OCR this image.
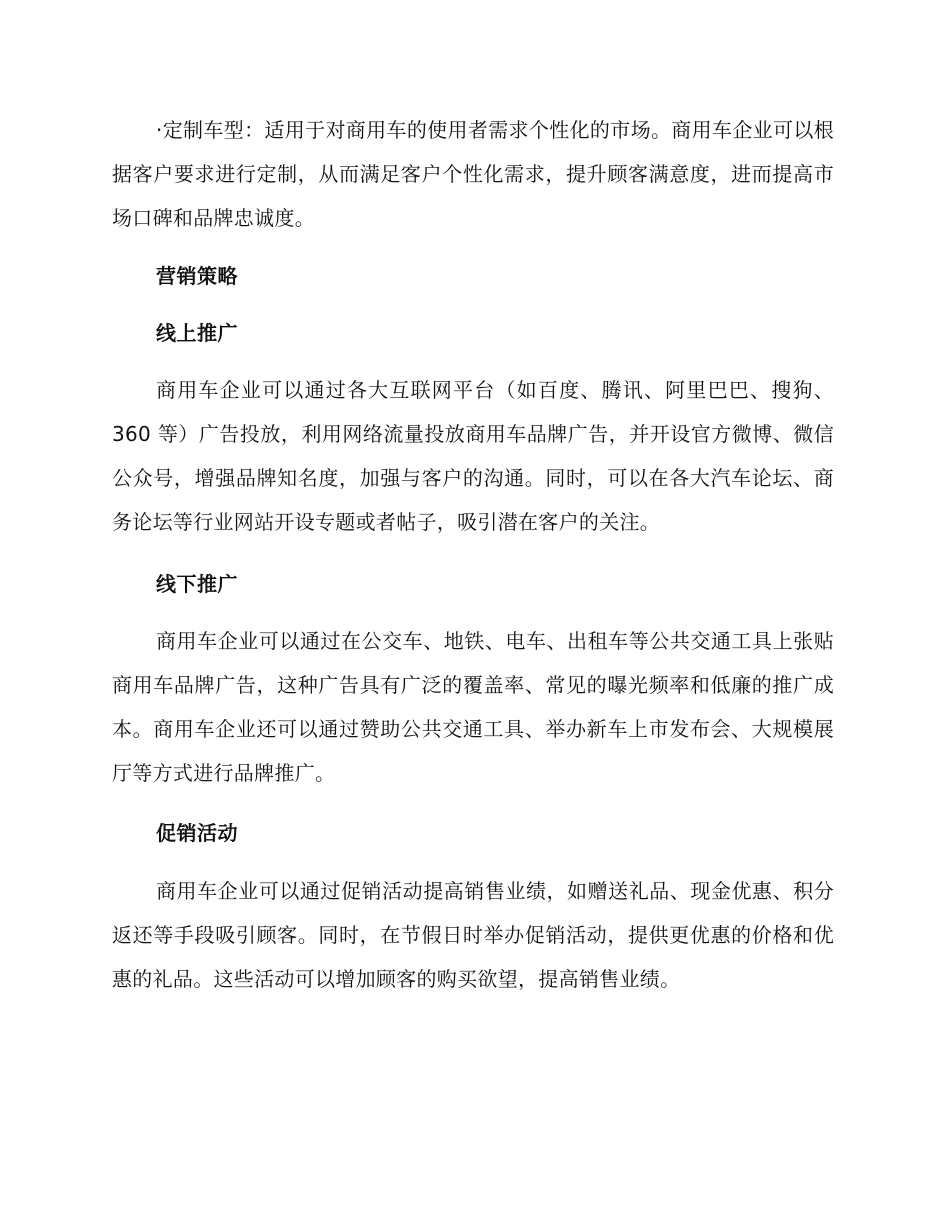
·定制车型：适用于对商用车的使用者需求个性化的市场。商用车企业可以根据客户要求进行定制，从而满足客户个性化需求，提升顾客满意度，进而提高市场口碑和品牌忠诚度。

营销策略

线上推广

商用车企业可以通过各大互联网平台（如百度、腾讯、阿里巴巴、搜狗、360 等）广告投放，利用网络流量投放商用车品牌广告，并开设官方微博、微信公众号，增强品牌知名度，加强与客户的沟通。同时，可以在各大汽车论坛、商务论坛等行业网站开设专题或者帖子，吸引潜在客户的关注。

线下推广

商用车企业可以通过在公交车、地铁、电车、出租车等公共交通工具上张贴商用车品牌广告，这种广告具有广泛的覆盖率、常见的曝光频率和低廉的推广成本。商用车企业还可以通过赞助公共交通工具、举办新车上市发布会、大规模展厅等方式进行品牌推广。

促销活动

商用车企业可以通过促销活动提高销售业绩，如赠送礼品、现金优惠、积分返还等手段吸引顾客。同时，在节假日时举办促销活动，提供更优惠的价格和优惠的礼品。这些活动可以增加顾客的购买欲望，提高销售业绩。
